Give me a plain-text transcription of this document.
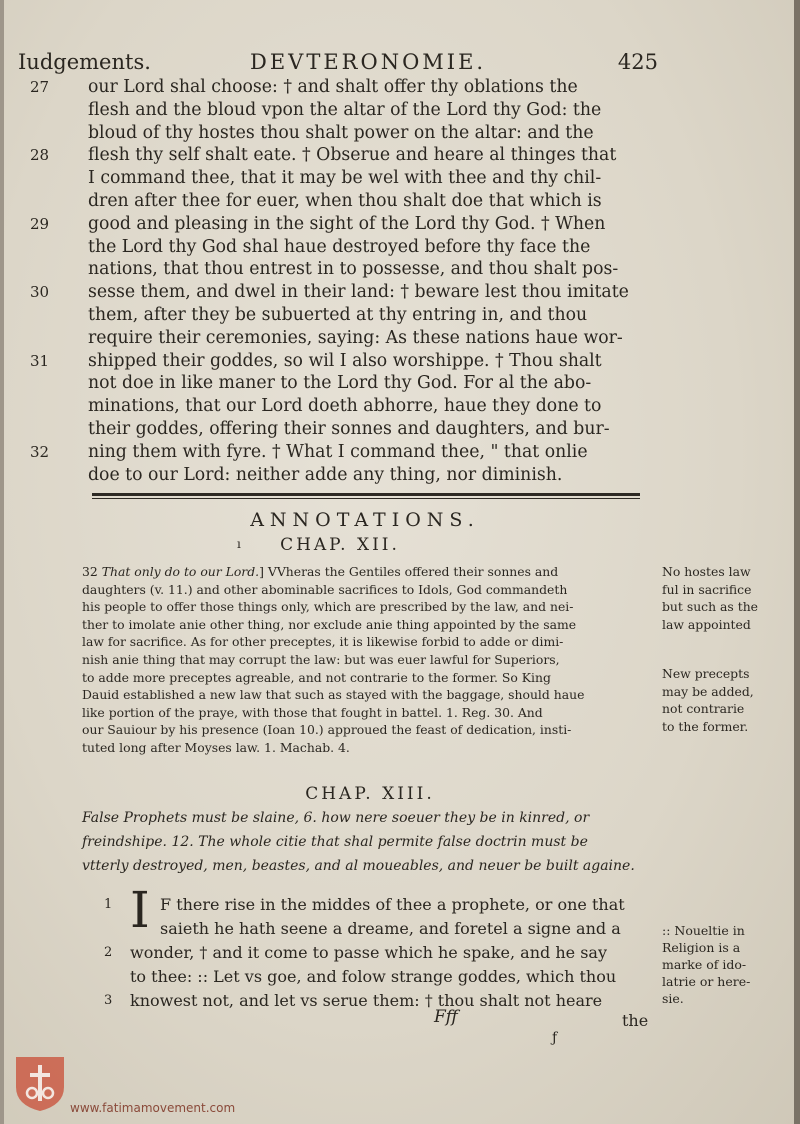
Iudgements.	DEVTERONOMIE.	425
27	our Lord shal choose: † and shalt offer thy oblations the
flesh and the bloud vpon the altar of the Lord thy God: the
bloud of thy hostes thou shalt power on the altar: and the
28	flesh thy self shalt eate. † Obserue and heare al thinges that
I command thee, that it may be wel with thee and thy chil-
dren after thee for euer, when thou shalt doe that which is
29	good and pleasing in the sight of the Lord thy God. † When
the Lord thy God shal haue destroyed before thy face the
nations, that thou entrest in to possesse, and thou shalt pos-
30	sesse them, and dwel in their land: † beware lest thou imitate
them, after they be subuerted at thy entring in, and thou
require their ceremonies, saying: As these nations haue wor-
31	shipped their goddes, so wil I also worshippe. † Thou shalt
not doe in like maner to the Lord thy God. For al the abo-
minations, that our Lord doeth abhorre, haue they done to
their goddes, offering their sonnes and daughters, and bur-
32	ning them with fyre. † What I command thee, " that onlie
doe to our Lord: neither adde any thing, nor diminish.
ANNOTATIONS.
ı	CHAP. XII.
32 That only do to our Lord.] VVheras the Gentiles offered their sonnes and
daughters (v. 11.) and other abominable sacrifices to Idols, God commandeth
his people to offer those things only, which are prescribed by the law, and nei-
ther to imolate anie other thing, nor exclude anie thing appointed by the same
law for sacrifice. As for other preceptes, it is likewise forbid to adde or dimi-
nish anie thing that may corrupt the law: but was euer lawful for Superiors,
to adde more preceptes agreable, and not contrarie to the former. So King
Dauid established a new law that such as stayed with the baggage, should haue
like portion of the praye, with those that fought in battel. 1. Reg. 30. And
our Sauiour by his presence (Ioan 10.) approued the feast of dedication, insti-
tuted long after Moyses law. 1. Machab. 4.
No hostes law
ful in sacrifice
but such as the
law appointed
New precepts
may be added,
not contrarie
to the former.
CHAP. XIII.
False Prophets must be slaine, 6. how nere soeuer they be in kinred, or
freindshipe. 12. The whole citie that shal permite false doctrin must be
vtterly destroyed, men, beastes, and al moueables, and neuer be built againe.
1 I F there rise in the middes of thee a prophete, or one that
saieth he hath seene a dreame, and foretel a signe and a
2 wonder, † and it come to passe which he spake, and he say
to thee: :: Let vs goe, and folow strange goddes, which thou
3 knowest not, and let vs serue them: † thou shalt not heare
:: Noueltie in
Religion is a
marke of ido-
latrie or here-
sie.
Fff	the
ƒ
www.fatimamovement.com
